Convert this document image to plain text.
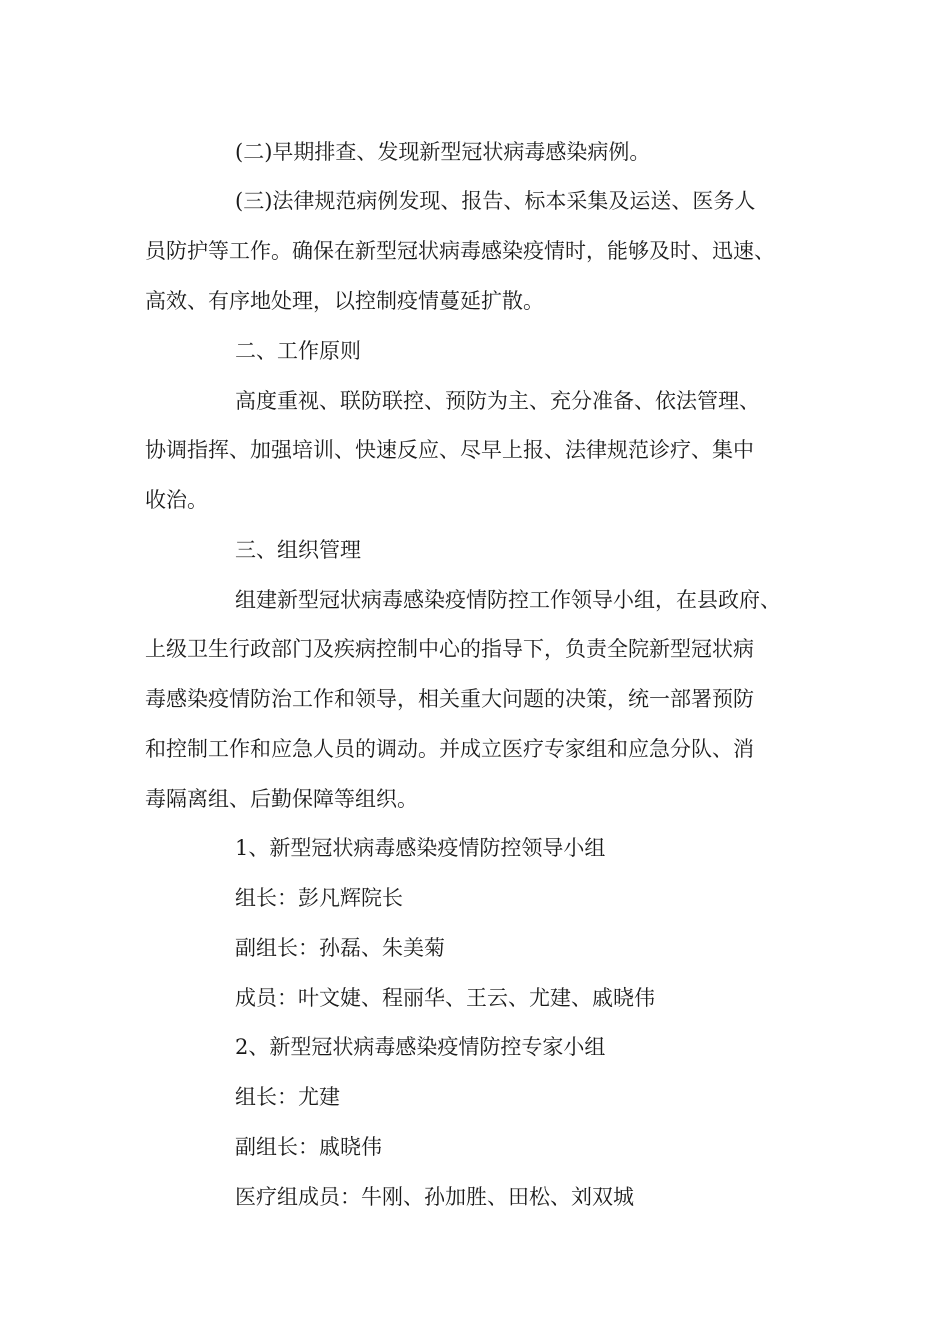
(二)早期排查、发现新型冠状病毒感染病例。

(三)法律规范病例发现、报告、标本采集及运送、医务人

员防护等工作。确保在新型冠状病毒感染疫情时，能够及时、迅速、

高效、有序地处理，以控制疫情蔓延扩散。

二、工作原则

高度重视、联防联控、预防为主、充分准备、依法管理、

协调指挥、加强培训、快速反应、尽早上报、法律规范诊疗、集中

收治。

三、组织管理

组建新型冠状病毒感染疫情防控工作领导小组，在县政府、

上级卫生行政部门及疾病控制中心的指导下，负责全院新型冠状病

毒感染疫情防治工作和领导，相关重大问题的决策，统一部署预防

和控制工作和应急人员的调动。并成立医疗专家组和应急分队、消

毒隔离组、后勤保障等组织。

1、新型冠状病毒感染疫情防控领导小组

组长：彭凡辉院长

副组长：孙磊、朱美菊

成员：叶文婕、程丽华、王云、尤建、戚晓伟

2、新型冠状病毒感染疫情防控专家小组

组长：尤建

副组长：戚晓伟

医疗组成员：牛刚、孙加胜、田松、刘双城
